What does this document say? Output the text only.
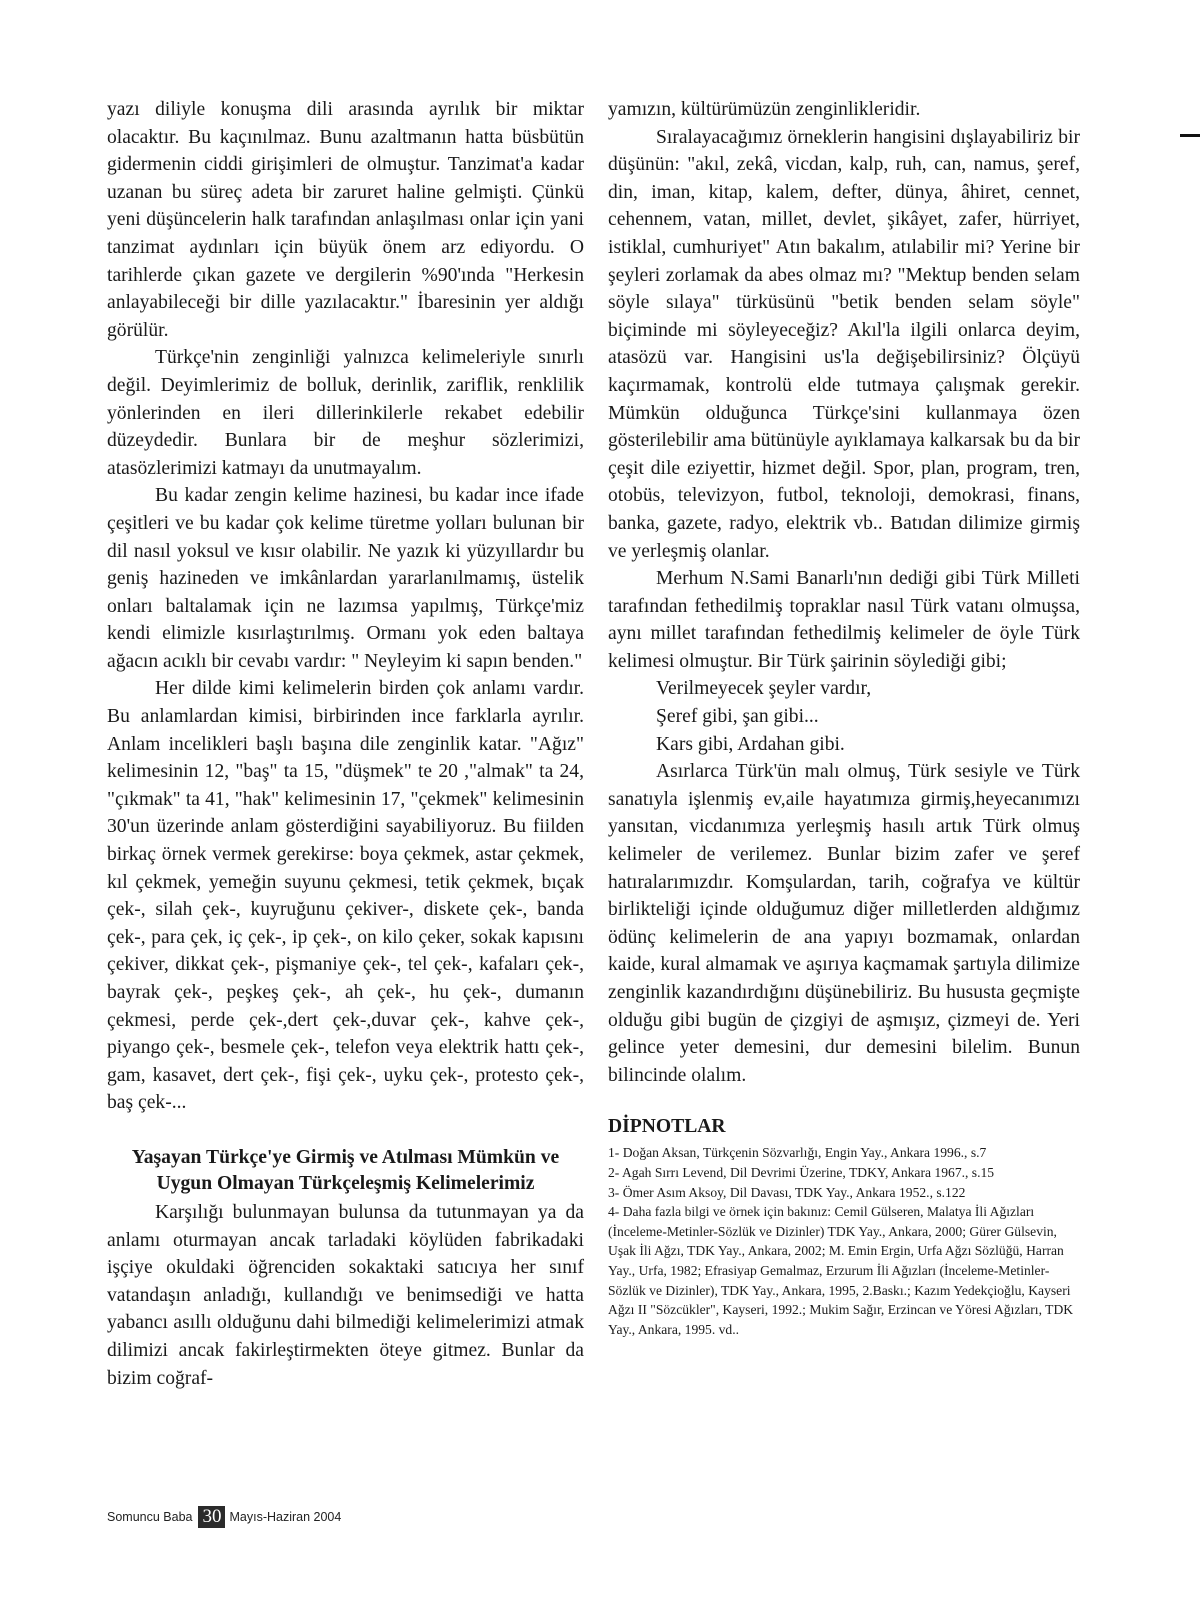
yazı diliyle konuşma dili arasında ayrılık bir miktar olacaktır. Bu kaçınılmaz. Bunu azaltmanın hatta büsbütün gidermenin ciddi girişimleri de olmuştur. Tanzimat'a kadar uzanan bu süreç adeta bir zaruret haline gelmişti. Çünkü yeni düşüncelerin halk tarafından anlaşılması onlar için yani tanzimat aydınları için büyük önem arz ediyordu. O tarihlerde çıkan gazete ve dergilerin %90'ında "Herkesin anlayabileceği bir dille yazılacaktır." İbaresinin yer aldığı görülür.

Türkçe'nin zenginliği yalnızca kelimeleriyle sınırlı değil. Deyimlerimiz de bolluk, derinlik, zariflik, renklilik yönlerinden en ileri dillerinkilerle rekabet edebilir düzeydedir. Bunlara bir de meşhur sözlerimizi, atasözlerimizi katmayı da unutmayalım.

Bu kadar zengin kelime hazinesi, bu kadar ince ifade çeşitleri ve bu kadar çok kelime türetme yolları bulunan bir dil nasıl yoksul ve kısır olabilir. Ne yazık ki yüzyıllardır bu geniş hazineden ve imkânlardan yararlanılmamış, üstelik onları baltalamak için ne lazımsa yapılmış, Türkçe'miz kendi elimizle kısırlaştırılmış. Ormanı yok eden baltaya ağacın acıklı bir cevabı vardır: " Neyleyim ki sapın benden."

Her dilde kimi kelimelerin birden çok anlamı vardır. Bu anlamlardan kimisi, birbirinden ince farklarla ayrılır. Anlam incelikleri başlı başına dile zenginlik katar. "Ağız" kelimesinin 12, "baş" ta 15, "düşmek" te 20 ,"almak" ta 24, "çıkmak" ta 41, "hak" kelimesinin 17, "çekmek" kelimesinin 30'un üzerinde anlam gösterdiğini sayabiliyoruz. Bu fiilden birkaç örnek vermek gerekirse: boya çekmek, astar çekmek, kıl çekmek, yemeğin suyunu çekmesi, tetik çekmek, bıçak çek-, silah çek-, kuyruğunu çekiver-, diskete çek-, banda çek-, para çek, iç çek-, ip çek-, on kilo çeker, sokak kapısını çekiver, dikkat çek-, pişmaniye çek-, tel çek-, kafaları çek-, bayrak çek-, peşkeş çek-, ah çek-, hu çek-, dumanın çekmesi, perde çek-,dert çek-,duvar çek-, kahve çek-, piyango çek-, besmele çek-, telefon veya elektrik hattı çek-, gam, kasavet, dert çek-, fişi çek-, uyku çek-, protesto çek-, baş çek-...

Yaşayan Türkçe'ye Girmiş ve Atılması Mümkün ve Uygun Olmayan Türkçeleşmiş Kelimelerimiz

Karşılığı bulunmayan bulunsa da tutunmayan ya da anlamı oturmayan ancak tarladaki köylüden fabrikadaki işçiye okuldaki öğrenciden sokaktaki satıcıya her sınıf vatandaşın anladığı, kullandığı ve benimsediği ve hatta yabancı asıllı olduğunu dahi bilmediği kelimelerimizi atmak dilimizi ancak fakirleştirmekten öteye gitmez. Bunlar da bizim coğraf-

yamızın, kültürümüzün zenginlikleridir.

Sıralayacağımız örneklerin hangisini dışlayabiliriz bir düşünün: "akıl, zekâ, vicdan, kalp, ruh, can, namus, şeref, din, iman, kitap, kalem, defter, dünya, âhiret, cennet, cehennem, vatan, millet, devlet, şikâyet, zafer, hürriyet, istiklal, cumhuriyet" Atın bakalım, atılabilir mi? Yerine bir şeyleri zorlamak da abes olmaz mı? "Mektup benden selam söyle sılaya" türküsünü "betik benden selam söyle" biçiminde mi söyleyeceğiz? Akıl'la ilgili onlarca deyim, atasözü var. Hangisini us'la değişebilirsiniz? Ölçüyü kaçırmamak, kontrolü elde tutmaya çalışmak gerekir. Mümkün olduğunca Türkçe'sini kullanmaya özen gösterilebilir ama bütünüyle ayıklamaya kalkarsak bu da bir çeşit dile eziyettir, hizmet değil. Spor, plan, program, tren, otobüs, televizyon, futbol, teknoloji, demokrasi, finans, banka, gazete, radyo, elektrik vb.. Batıdan dilimize girmiş ve yerleşmiş olanlar.

Merhum N.Sami Banarlı'nın dediği gibi Türk Milleti tarafından fethedilmiş topraklar nasıl Türk vatanı olmuşsa, aynı millet tarafından fethedilmiş kelimeler de öyle Türk kelimesi olmuştur. Bir Türk şairinin söylediği gibi;

Verilmeyecek şeyler vardır,
Şeref gibi, şan gibi...
Kars gibi, Ardahan gibi.

Asırlarca Türk'ün malı olmuş, Türk sesiyle ve Türk sanatıyla işlenmiş ev,aile hayatımıza girmiş,heyecanımızı yansıtan, vicdanımıza yerleşmiş hasılı artık Türk olmuş kelimeler de verilemez. Bunlar bizim zafer ve şeref hatıralarımızdır. Komşulardan, tarih, coğrafya ve kültür birlikteliği içinde olduğumuz diğer milletlerden aldığımız ödünç kelimelerin de ana yapıyı bozmamak, onlardan kaide, kural almamak ve aşırıya kaçmamak şartıyla dilimize zenginlik kazandırdığını düşünebiliriz. Bu hususta geçmişte olduğu gibi bugün de çizgiyi de aşmışız, çizmeyi de. Yeri gelince yeter demesini, dur demesini bilelim. Bunun bilincinde olalım.

DİPNOTLAR
1- Doğan Aksan, Türkçenin Sözvarlığı, Engin Yay., Ankara 1996., s.7
2- Agah Sırrı Levend, Dil Devrimi Üzerine, TDKY, Ankara 1967., s.15
3- Ömer Asım Aksoy, Dil Davası, TDK Yay., Ankara 1952., s.122
4- Daha fazla bilgi ve örnek için bakınız: Cemil Gülseren, Malatya İli Ağızları (İnceleme-Metinler-Sözlük ve Dizinler) TDK Yay., Ankara, 2000; Gürer Gülsevin, Uşak İli Ağzı, TDK Yay., Ankara, 2002; M. Emin Ergin, Urfa Ağzı Sözlüğü, Harran Yay., Urfa, 1982; Efrasiyap Gemalmaz, Erzurum İli Ağızları (İnceleme-Metinler-Sözlük ve Dizinler), TDK Yay., Ankara, 1995, 2.Baskı.; Kazım Yedekçioğlu, Kayseri Ağzı II "Sözcükler", Kayseri, 1992.; Mukim Sağır, Erzincan ve Yöresi Ağızları, TDK Yay., Ankara, 1995. vd..
Somuncu Baba 30 Mayıs-Haziran 2004
